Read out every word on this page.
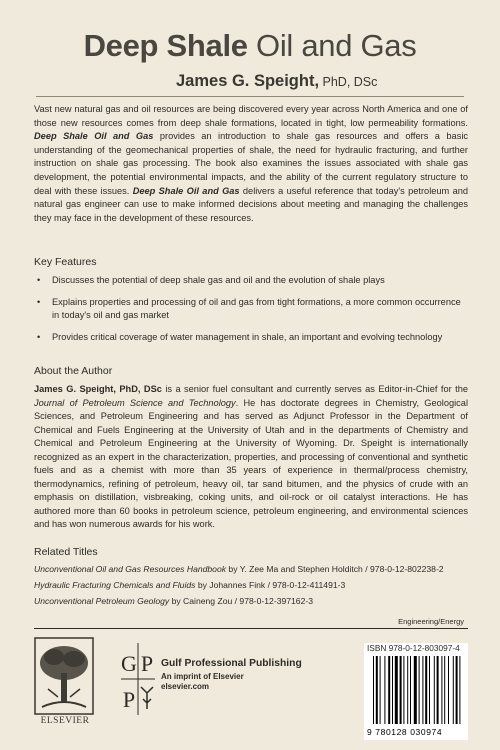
Deep Shale Oil and Gas
James G. Speight, PhD, DSc
Vast new natural gas and oil resources are being discovered every year across North America and one of those new resources comes from deep shale formations, located in tight, low permeability formations. Deep Shale Oil and Gas provides an introduction to shale gas resources and offers a basic understanding of the geomechanical properties of shale, the need for hydraulic fracturing, and further instruction on shale gas processing. The book also examines the issues associated with shale gas development, the potential environmental impacts, and the ability of the current regulatory structure to deal with these issues. Deep Shale Oil and Gas delivers a useful reference that today's petroleum and natural gas engineer can use to make informed decisions about meeting and managing the challenges they may face in the development of these resources.
Key Features
• Discusses the potential of deep shale gas and oil and the evolution of shale plays
• Explains properties and processing of oil and gas from tight formations, a more common occurrence in today's oil and gas market
• Provides critical coverage of water management in shale, an important and evolving technology
About the Author
James G. Speight, PhD, DSc is a senior fuel consultant and currently serves as Editor-in-Chief for the Journal of Petroleum Science and Technology. He has doctorate degrees in Chemistry, Geological Sciences, and Petroleum Engineering and has served as Adjunct Professor in the Department of Chemical and Fuels Engineering at the University of Utah and in the departments of Chemistry and Chemical and Petroleum Engineering at the University of Wyoming. Dr. Speight is internationally recognized as an expert in the characterization, properties, and processing of conventional and synthetic fuels and as a chemist with more than 35 years of experience in thermal/process chemistry, thermodynamics, refining of petroleum, heavy oil, tar sand bitumen, and the physics of crude with an emphasis on distillation, visbreaking, coking units, and oil-rock or oil catalyst interactions. He has authored more than 60 books in petroleum science, petroleum engineering, and environmental sciences and has won numerous awards for his work.
Related Titles
Unconventional Oil and Gas Resources Handbook by Y. Zee Ma and Stephen Holditch / 978-0-12-802238-2
Hydraulic Fracturing Chemicals and Fluids by Johannes Fink / 978-0-12-411491-3
Unconventional Petroleum Geology by Caineng Zou / 978-0-12-397162-3
Engineering/Energy
ELSEVIER
G P
P
Gulf Professional Publishing
An imprint of Elsevier
elsevier.com
ISBN 978-0-12-803097-4
9 780128 030974
